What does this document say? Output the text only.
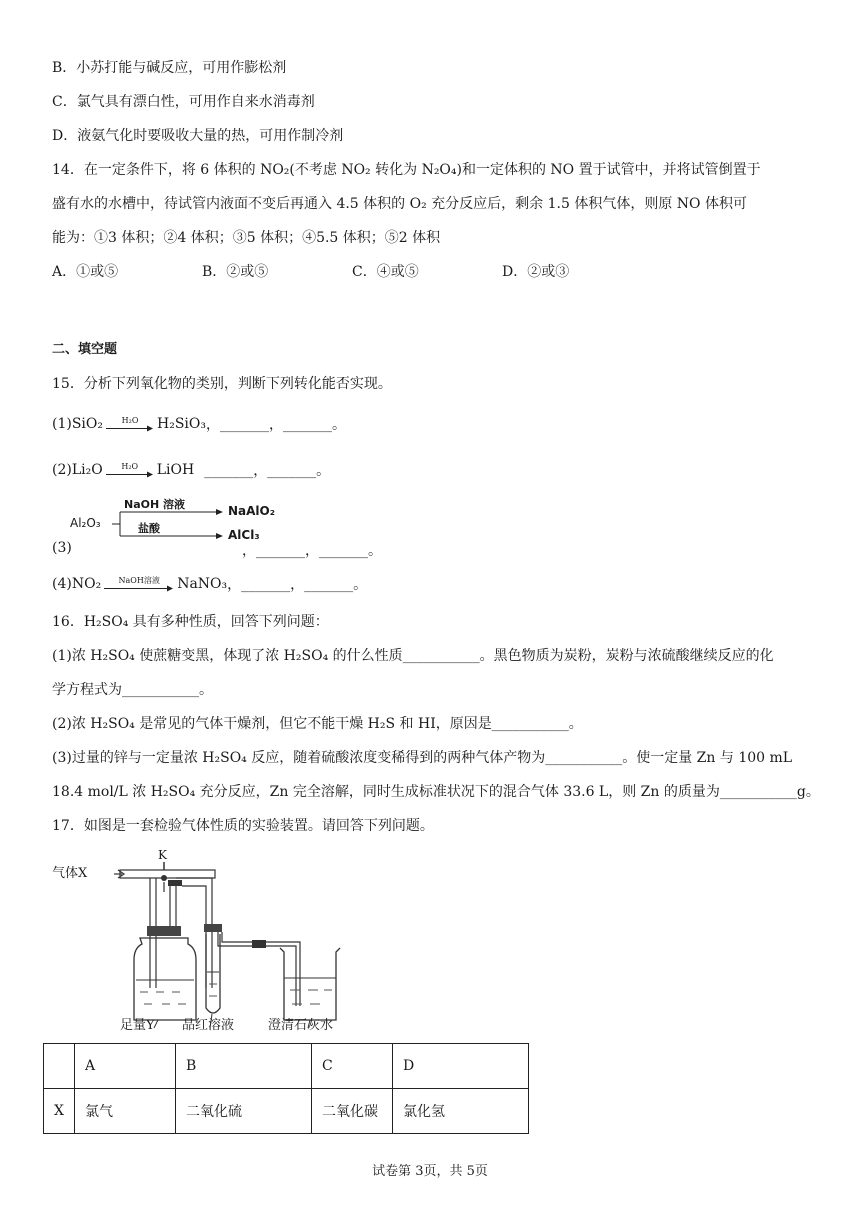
B．小苏打能与碱反应，可用作膨松剂
C．氯气具有漂白性，可用作自来水消毒剂
D．液氨气化时要吸收大量的热，可用作制冷剂
14．在一定条件下，将 6 体积的 NO₂(不考虑 NO₂ 转化为 N₂O₄)和一定体积的 NO 置于试管中，并将试管倒置于
盛有水的水槽中，待试管内液面不变后再通入 4.5 体积的 O₂ 充分反应后，剩余 1.5 体积气体，则原 NO 体积可
能为：①3 体积；②4 体积；③5 体积；④5.5 体积；⑤2 体积
A．①或⑤	B．②或⑤	C．④或⑤	D．②或③
二、填空题
15．分析下列氧化物的类别，判断下列转化能否实现。
(1) SiO₂ H₂O H₂SiO₃ ，_______，_______。
(2) Li₂O H₂O LiOH _______，_______。
(3)
Al₂O₃
NaOH 溶液	NaAlO₂
盐酸	AlCl₃
，_______，_______。
(4) NO₂ NaOH溶液 NaNO₃ ，_______，_______。
16．H₂SO₄ 具有多种性质，回答下列问题：
(1)浓 H₂SO₄ 使蔗糖变黑，体现了浓 H₂SO₄ 的什么性质___________。黑色物质为炭粉，炭粉与浓硫酸继续反应的化
学方程式为___________。
(2)浓 H₂SO₄ 是常见的气体干燥剂，但它不能干燥 H₂S 和 HI，原因是___________。
(3)过量的锌与一定量浓 H₂SO₄ 反应，随着硫酸浓度变稀得到的两种气体产物为___________。使一定量 Zn 与 100 mL
18.4 mol/L 浓 H₂SO₄ 充分反应，Zn 完全溶解，同时生成标准状况下的混合气体 33.6 L，则 Zn 的质量为___________g。
17．如图是一套检验气体性质的实验装置。请回答下列问题。
气体X
K
足量Y 品红溶液	澄清石灰水
	A	B	C	D
X	氯气	二氧化硫	二氧化碳	氯化氢
试卷第 3页，共 5页
